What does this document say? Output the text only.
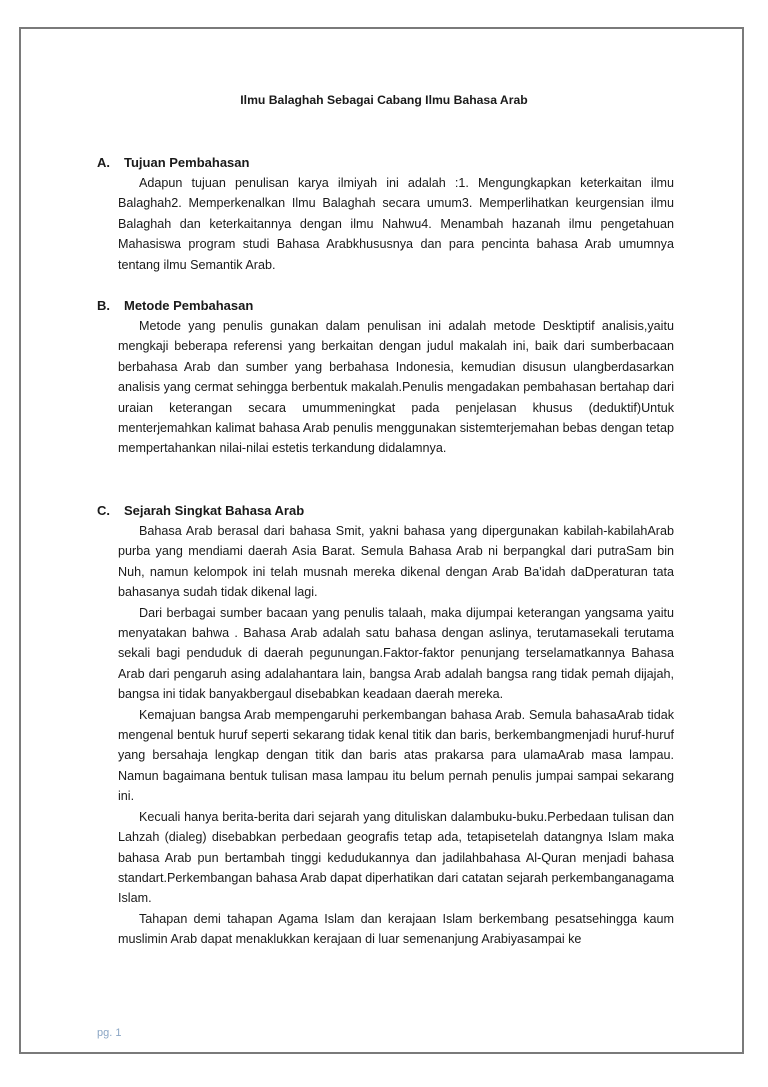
Ilmu Balaghah Sebagai Cabang Ilmu Bahasa Arab
A. Tujuan Pembahasan

Adapun tujuan penulisan karya ilmiyah ini adalah :1. Mengungkapkan keterkaitan ilmu Balaghah2. Memperkenalkan Ilmu Balaghah secara umum3. Memperlihatkan keurgensian ilmu Balaghah dan keterkaitannya dengan ilmu Nahwu4. Menambah hazanah ilmu pengetahuan Mahasiswa program studi Bahasa Arabkhususnya dan para pencinta bahasa Arab umumnya tentang ilmu Semantik Arab.

B. Metode Pembahasan

Metode yang penulis gunakan dalam penulisan ini adalah metode Desktiptif analisis,yaitu mengkaji beberapa referensi yang berkaitan dengan judul makalah ini, baik dari sumberbacaan berbahasa Arab dan sumber yang berbahasa Indonesia, kemudian disusun ulangberdasarkan analisis yang cermat sehingga berbentuk makalah.Penulis mengadakan pembahasan bertahap dari uraian keterangan secara umummeningkat pada penjelasan khusus (deduktif)Untuk menterjemahkan kalimat bahasa Arab penulis menggunakan sistemterjemahan bebas dengan tetap mempertahankan nilai-nilai estetis terkandung didalamnya.

C. Sejarah Singkat Bahasa Arab

Bahasa Arab berasal dari bahasa Smit, yakni bahasa yang dipergunakan kabilah-kabilahArab purba yang mendiami daerah Asia Barat. Semula Bahasa Arab ni berpangkal dari putraSam bin Nuh, namun kelompok ini telah musnah mereka dikenal dengan Arab Ba'idah daDperaturan tata bahasanya sudah tidak dikenal lagi.

Dari berbagai sumber bacaan yang penulis talaah, maka dijumpai keterangan yangsama yaitu menyatakan bahwa . Bahasa Arab adalah satu bahasa dengan aslinya, terutamasekali terutama sekali bagi penduduk di daerah pegunungan.Faktor-faktor penunjang terselamatkannya Bahasa Arab dari pengaruh asing adalahantara lain, bangsa Arab adalah bangsa rang tidak pemah dijajah, bangsa ini tidak banyakbergaul disebabkan keadaan daerah mereka.

Kemajuan bangsa Arab mempengaruhi perkembangan bahasa Arab. Semula bahasaArab tidak mengenal bentuk huruf seperti sekarang tidak kenal titik dan baris, berkembangmenjadi huruf-huruf yang bersahaja lengkap dengan titik dan baris atas prakarsa para ulamaArab masa lampau. Namun bagaimana bentuk tulisan masa lampau itu belum pernah penulis jumpai sampai sekarang ini.

Kecuali hanya berita-berita dari sejarah yang dituliskan dalambuku-buku.Perbedaan tulisan dan Lahzah (dialeg) disebabkan perbedaan geografis tetap ada, tetapisetelah datangnya Islam maka bahasa Arab pun bertambah tinggi kedudukannya dan jadilahbahasa Al-Quran menjadi bahasa standart.Perkembangan bahasa Arab dapat diperhatikan dari catatan sejarah perkembanganagama Islam.

Tahapan demi tahapan Agama Islam dan kerajaan Islam berkembang pesatsehingga kaum muslimin Arab dapat menaklukkan kerajaan di luar semenanjung Arabiyasampai ke

pg. 1
